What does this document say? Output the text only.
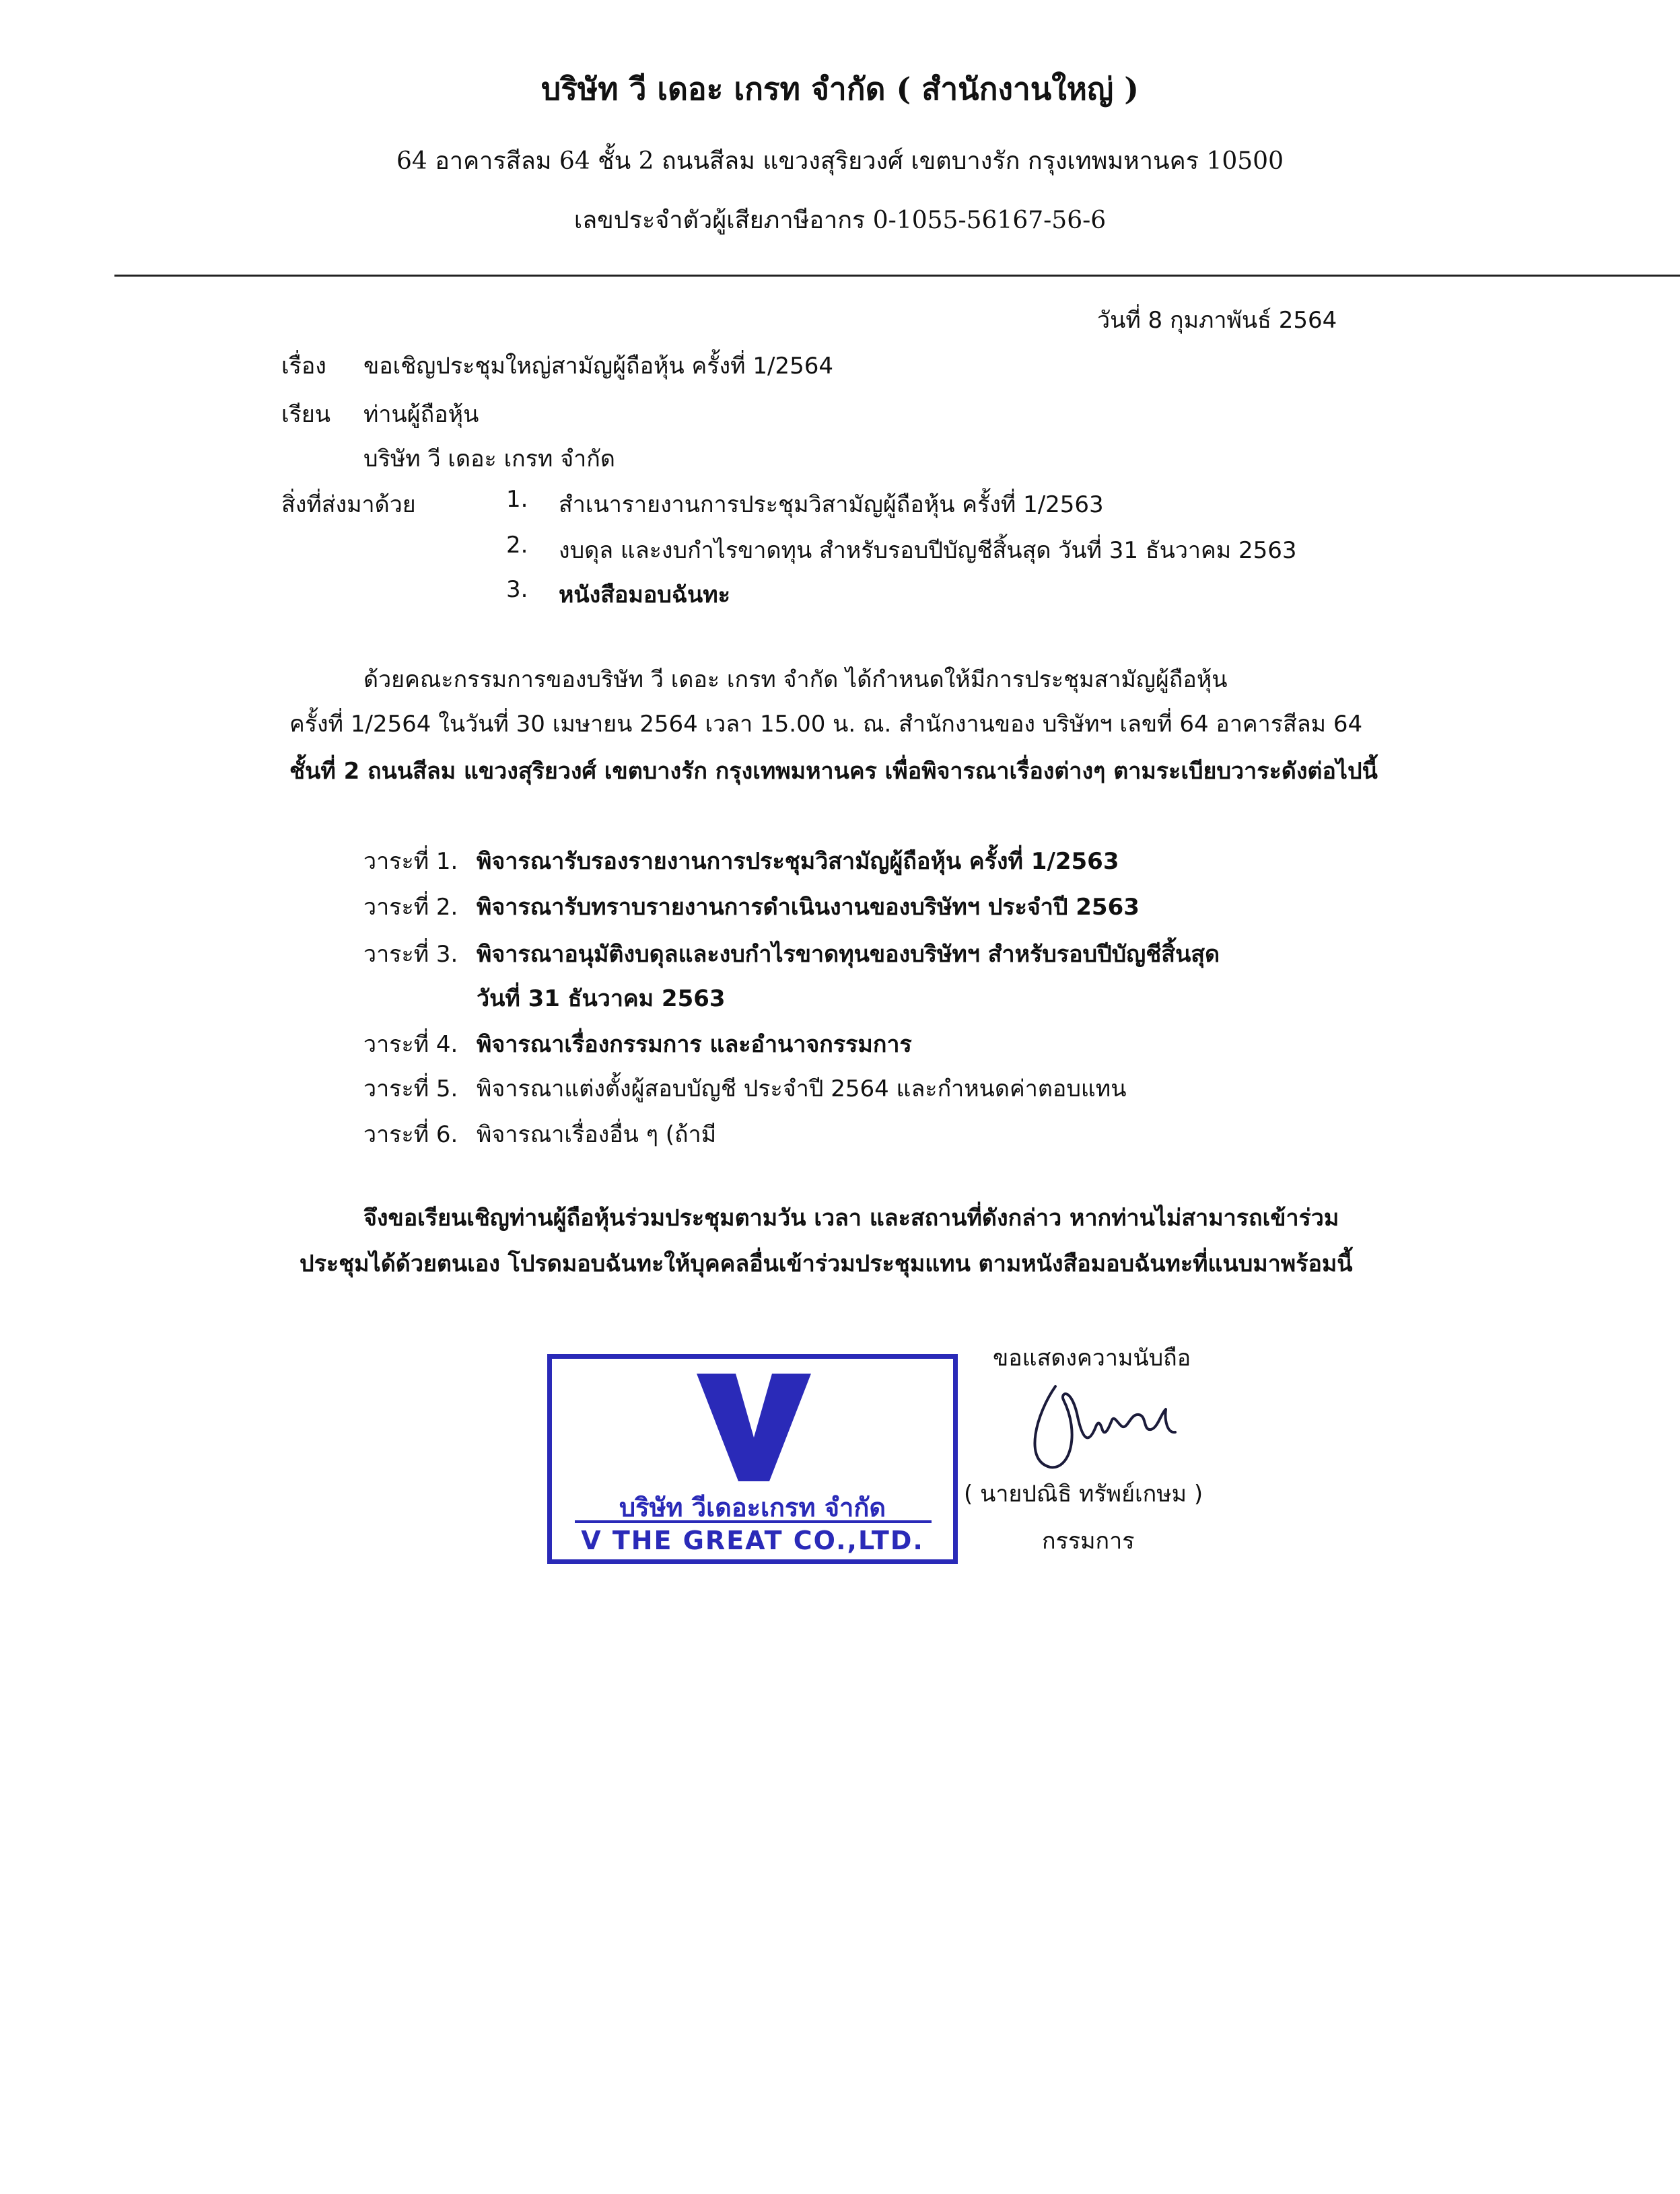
บริษัท วี เดอะ เกรท จำกัด ( สำนักงานใหญ่ )
64 อาคารสีลม 64 ชั้น 2 ถนนสีลม แขวงสุริยวงศ์ เขตบางรัก กรุงเทพมหานคร 10500
เลขประจำตัวผู้เสียภาษีอากร 0-1055-56167-56-6
วันที่ 8 กุมภาพันธ์ 2564
เรื่อง ขอเชิญประชุมใหญ่สามัญผู้ถือหุ้น ครั้งที่ 1/2564
เรียน ท่านผู้ถือหุ้น
บริษัท วี เดอะ เกรท จำกัด
สิ่งที่ส่งมาด้วย	1. สำเนารายงานการประชุมวิสามัญผู้ถือหุ้น ครั้งที่ 1/2563
2. งบดุล และงบกำไรขาดทุน สำหรับรอบปีบัญชีสิ้นสุด วันที่ 31 ธันวาคม 2563
3. หนังสือมอบฉันทะ
ด้วยคณะกรรมการของบริษัท วี เดอะ เกรท จำกัด ได้กำหนดให้มีการประชุมสามัญผู้ถือหุ้น
ครั้งที่ 1/2564 ในวันที่ 30 เมษายน 2564 เวลา 15.00 น. ณ. สำนักงานของ บริษัทฯ เลขที่ 64 อาคารสีลม 64
ชั้นที่ 2 ถนนสีลม แขวงสุริยวงศ์ เขตบางรัก กรุงเทพมหานคร เพื่อพิจารณาเรื่องต่างๆ ตามระเบียบวาระดังต่อไปนี้
วาระที่ 1. พิจารณารับรองรายงานการประชุมวิสามัญผู้ถือหุ้น ครั้งที่ 1/2563
วาระที่ 2. พิจารณารับทราบรายงานการดำเนินงานของบริษัทฯ ประจำปี 2563
วาระที่ 3. พิจารณาอนุมัติงบดุลและงบกำไรขาดทุนของบริษัทฯ สำหรับรอบปีบัญชีสิ้นสุด
วันที่ 31 ธันวาคม 2563
วาระที่ 4. พิจารณาเรื่องกรรมการ และอำนาจกรรมการ
วาระที่ 5. พิจารณาแต่งตั้งผู้สอบบัญชี ประจำปี 2564 และกำหนดค่าตอบแทน
วาระที่ 6. พิจารณาเรื่องอื่น ๆ (ถ้ามี
จึงขอเรียนเชิญท่านผู้ถือหุ้นร่วมประชุมตามวัน เวลา และสถานที่ดังกล่าว หากท่านไม่สามารถเข้าร่วม
ประชุมได้ด้วยตนเอง โปรดมอบฉันทะให้บุคคลอื่นเข้าร่วมประชุมแทน ตามหนังสือมอบฉันทะที่แนบมาพร้อมนี้
บริษัท วีเดอะเกรท จำกัด
V THE GREAT CO.,LTD.
ขอแสดงความนับถือ
( นายปณิธิ ทรัพย์เกษม )
กรรมการ
